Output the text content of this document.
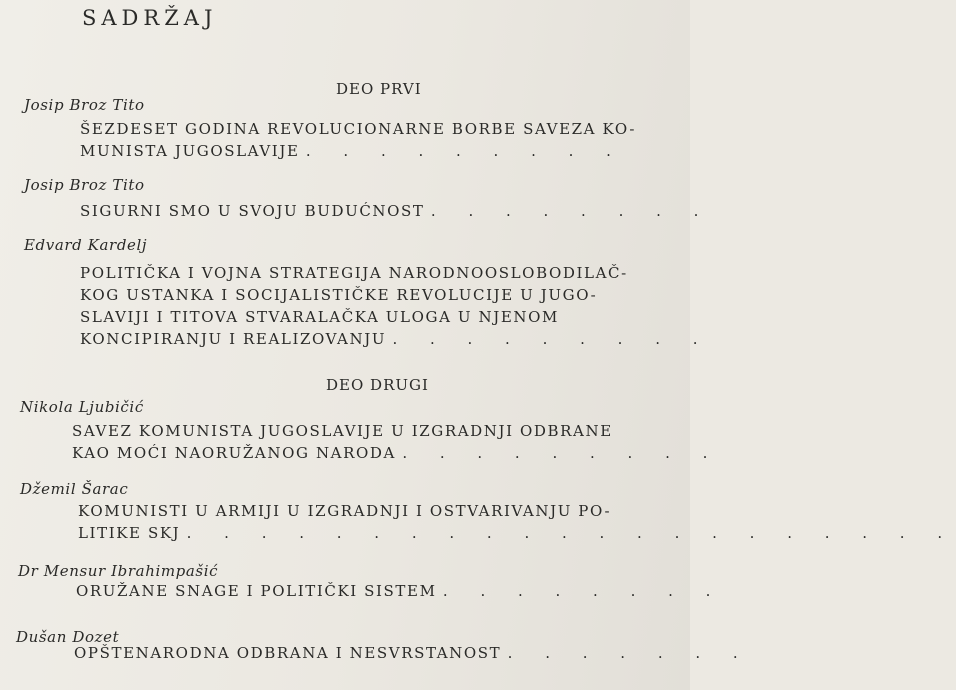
SADRŽAJ
DEO PRVI
Josip Broz Tito
ŠEZDESET GODINA REVOLUCIONARNE BORBE SAVEZA KO-
MUNISTA JUGOSLAVIJE . . . . . . . . .
Josip Broz Tito
SIGURNI SMO U SVOJU BUDUĆNOST . . . . . . . .
Edvard Kardelj
POLITIČKA I VOJNA STRATEGIJA NARODNOOSLOBODILAČ-
KOG USTANKA I SOCIJALISTIČKE REVOLUCIJE U JUGO-
SLAVIJI I TITOVA STVARALAČKA ULOGA U NJENOM
KONCIPIRANJU I REALIZOVANJU . . . . . . . . .
DEO DRUGI
Nikola Ljubičić
SAVEZ KOMUNISTA JUGOSLAVIJE U IZGRADNJI ODBRANE
KAO MOĆI NAORUŽANOG NARODA . . . . . . . . .
Džemil Šarac
KOMUNISTI U ARMIJI U IZGRADNJI I OSTVARIVANJU PO-
LITIKE SKJ . . . . . . . . . . . . . . . . . . . . .
Dr Mensur Ibrahimpašić
ORUŽANE SNAGE I POLITIČKI SISTEM . . . . . . . .
Dušan Dozet
OPŠTENARODNA ODBRANA I NESVRSTANOST . . . . . . .
